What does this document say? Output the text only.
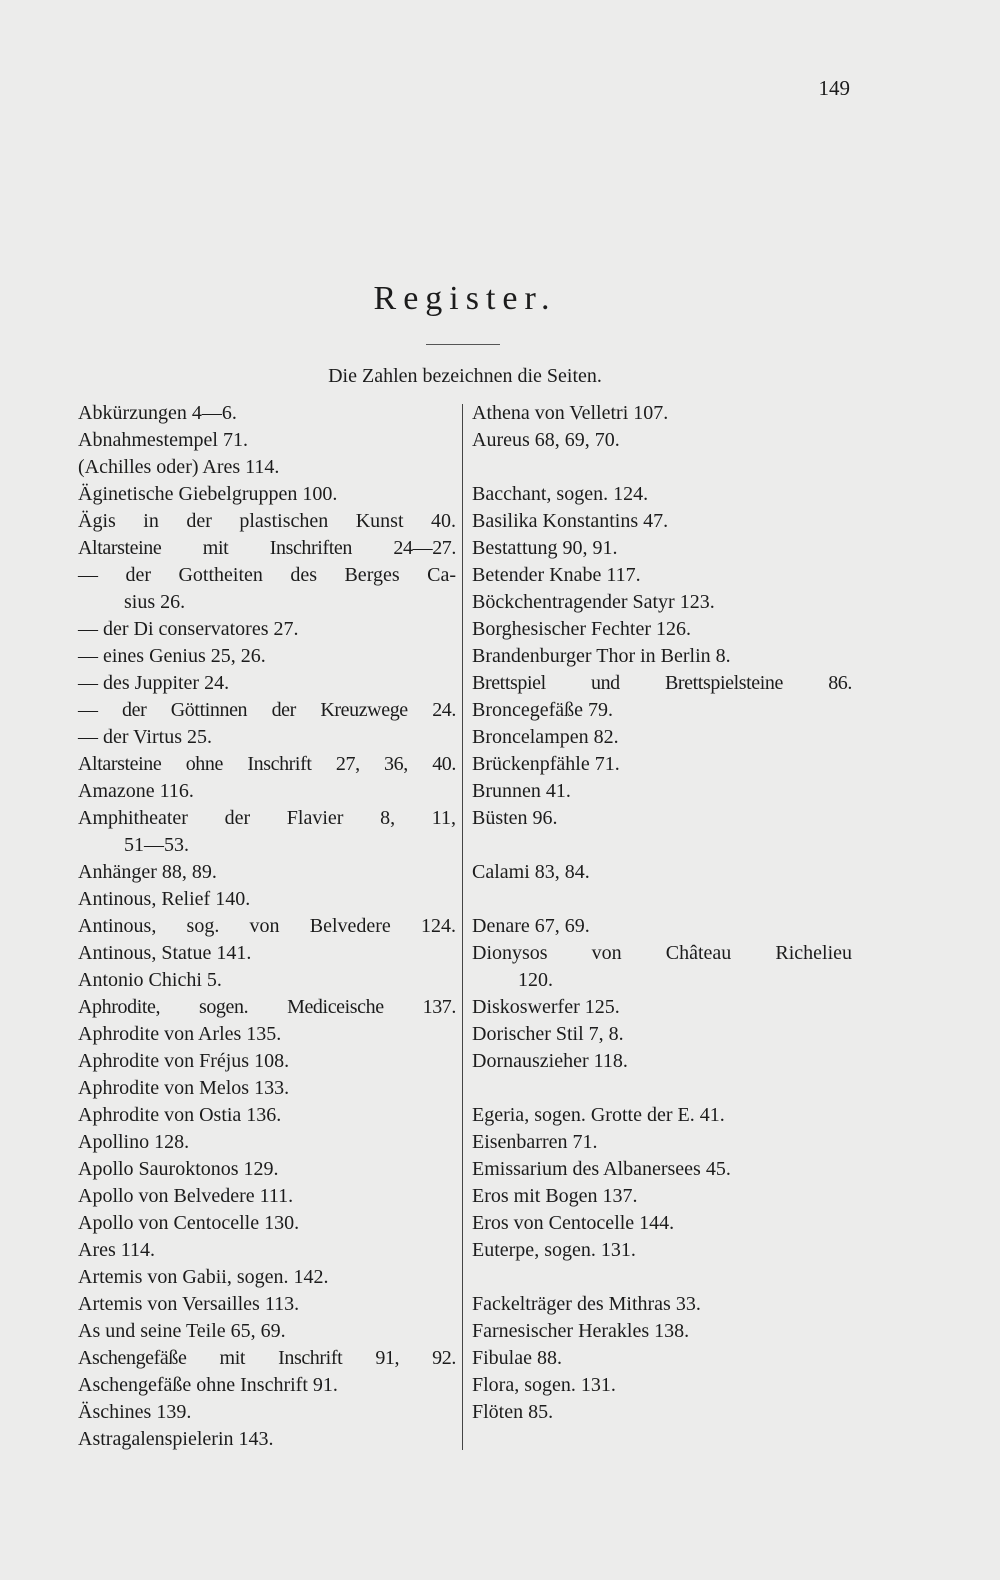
149
Register.
Die Zahlen bezeichnen die Seiten.
Abkürzungen 4—6.
Abnahmestempel 71.
(Achilles oder) Ares 114.
Äginetische Giebelgruppen 100.
Ägis in der plastischen Kunst 40.
Altarsteine mit Inschriften 24—27.
— der Gottheiten des Berges Ca-
sius 26.
— der Di conservatores 27.
— eines Genius 25, 26.
— des Juppiter 24.
— der Göttinnen der Kreuzwege 24.
— der Virtus 25.
Altarsteine ohne Inschrift 27, 36, 40.
Amazone 116.
Amphitheater der Flavier 8, 11,
51—53.
Anhänger 88, 89.
Antinous, Relief 140.
Antinous, sog. von Belvedere 124.
Antinous, Statue 141.
Antonio Chichi 5.
Aphrodite, sogen. Mediceische 137.
Aphrodite von Arles 135.
Aphrodite von Fréjus 108.
Aphrodite von Melos 133.
Aphrodite von Ostia 136.
Apollino 128.
Apollo Sauroktonos 129.
Apollo von Belvedere 111.
Apollo von Centocelle 130.
Ares 114.
Artemis von Gabii, sogen. 142.
Artemis von Versailles 113.
As und seine Teile 65, 69.
Aschengefäße mit Inschrift 91, 92.
Aschengefäße ohne Inschrift 91.
Äschines 139.
Astragalenspielerin 143.
Athena von Velletri 107.
Aureus 68, 69, 70.
Bacchant, sogen. 124.
Basilika Konstantins 47.
Bestattung 90, 91.
Betender Knabe 117.
Böckchentragender Satyr 123.
Borghesischer Fechter 126.
Brandenburger Thor in Berlin 8.
Brettspiel und Brettspielsteine 86.
Broncegefäße 79.
Broncelampen 82.
Brückenpfähle 71.
Brunnen 41.
Büsten 96.
Calami 83, 84.
Denare 67, 69.
Dionysos von Château Richelieu
120.
Diskoswerfer 125.
Dorischer Stil 7, 8.
Dornauszieher 118.
Egeria, sogen. Grotte der E. 41.
Eisenbarren 71.
Emissarium des Albanersees 45.
Eros mit Bogen 137.
Eros von Centocelle 144.
Euterpe, sogen. 131.
Fackelträger des Mithras 33.
Farnesischer Herakles 138.
Fibulae 88.
Flora, sogen. 131.
Flöten 85.
